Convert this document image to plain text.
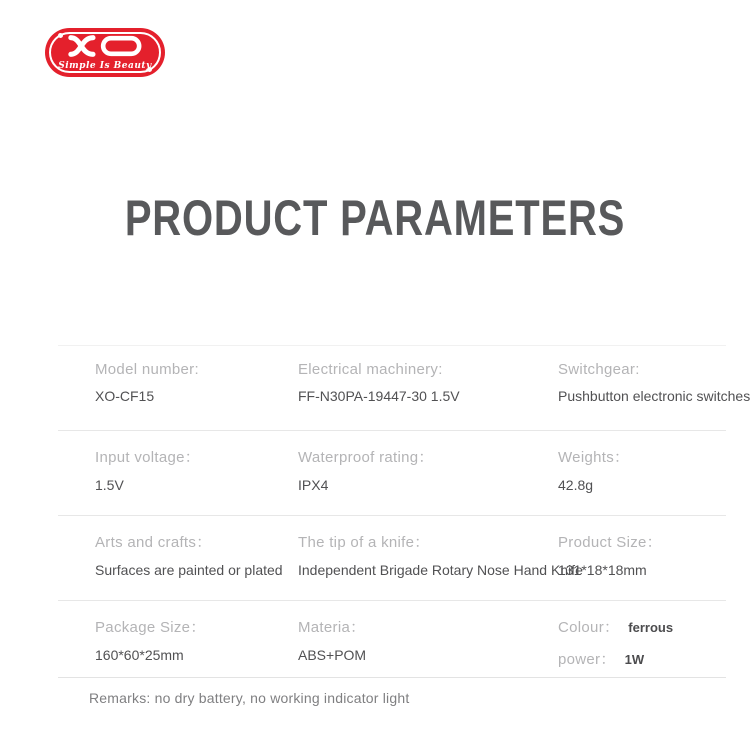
Simple Is Beauty
PRODUCT PARAMETERS
Model number:
XO-CF15
Electrical machinery:
FF-N30PA-19447-30 1.5V
Switchgear:
Pushbutton electronic switches
Input voltage：
1.5V
Waterproof rating：
IPX4
Weights：
42.8g
Arts and crafts：
Surfaces are painted or plated
The tip of a knife：
Independent Brigade Rotary Nose Hand Knife
Product Size：
131*18*18mm
Package Size：
160*60*25mm
Materia：
ABS+POM
Colour： ferrous
power： 1W
Remarks: no dry battery, no working indicator light
